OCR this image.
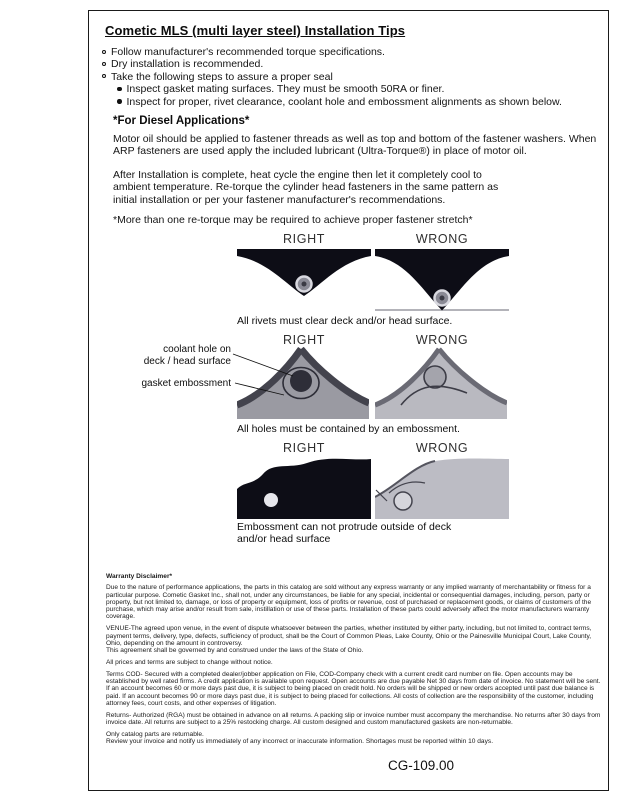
Cometic MLS (multi layer steel) Installation Tips
Follow manufacturer's recommended torque specifications.
Dry installation is recommended.
Take the following steps to assure a proper seal
Inspect gasket mating surfaces. They must be smooth 50RA or finer.
Inspect for proper, rivet clearance, coolant hole and embossment alignments as shown below.
*For Diesel Applications*

Motor oil should be applied to fastener threads as well as top and bottom of the fastener washers. When ARP fasteners are used apply the included lubricant (Ultra-Torque®) in place of motor oil.

After Installation is complete, heat cycle the engine then let it completely cool to ambient temperature. Re-torque the cylinder head fasteners in the same pattern as initial installation or per your fastener manufacturer's recommendations.

*More than one re-torque may be required to achieve proper fastener stretch*

RIGHT	WRONG

All rivets must clear deck and/or head surface.

RIGHT	WRONG
coolant hole on
deck / head surface
gasket embossment

All holes must be contained by an embossment.

RIGHT	WRONG

Embossment can not protrude outside of deck and/or head surface

Warranty Disclaimer*

Due to the nature of performance applications, the parts in this catalog are sold without any express warranty or any implied warranty of merchantability or fitness for a particular purpose. Cometic Gasket Inc., shall not, under any circumstances, be liable for any special, incidental or consequential damages, including, person, party or property, but not limited to, damage, or loss of property or equipment, loss of profits or revenue, cost of purchased or replacement goods, or claims of customers of the purchase, which may arise and/or result from sale, instillation or use of these parts. Installation of these parts could adversely affect the motor manufacturers warranty coverage.

VENUE-The agreed upon venue, in the event of dispute whatsoever between the parties, whether instituted by either party, including, but not limited to, contract terms, payment terms, delivery, type, defects, sufficiency of product, shall be the Court of Common Pleas, Lake County, Ohio or the Painesville Municipal Court, Lake County, Ohio, depending on the amount in controversy.

This agreement shall be governed by and construed under the laws of the State of Ohio.

All prices and terms are subject to change without notice.

Terms COD- Secured with a completed dealer/jobber application on File, COD-Company check with a current credit card number on file. Open accounts may be established by well rated firms. A credit application is available upon request. Open accounts are due payable Net 30 days from date of invoice. No statement will be sent. If an account becomes 60 or more days past due, it is subject to being placed on credit hold. No orders will be shipped or new orders accepted until past due balance is paid. If an account becomes 90 or more days past due, it is subject to being placed for collections. All costs of collection are the responsibility of the customer, including attorney fees, court costs, and other expenses of litigation.

Returns- Authorized (RGA) must be obtained in advance on all returns. A packing slip or invoice number must accompany the merchandise. No returns after 30 days from invoice date. All returns are subject to a 25% restocking charge. All custom designed and custom manufactured gaskets are non-returnable.

Only catalog parts are returnable.

Review your invoice and notify us immediately of any incorrect or inaccurate information. Shortages must be reported within 10 days.

CG-109.00
